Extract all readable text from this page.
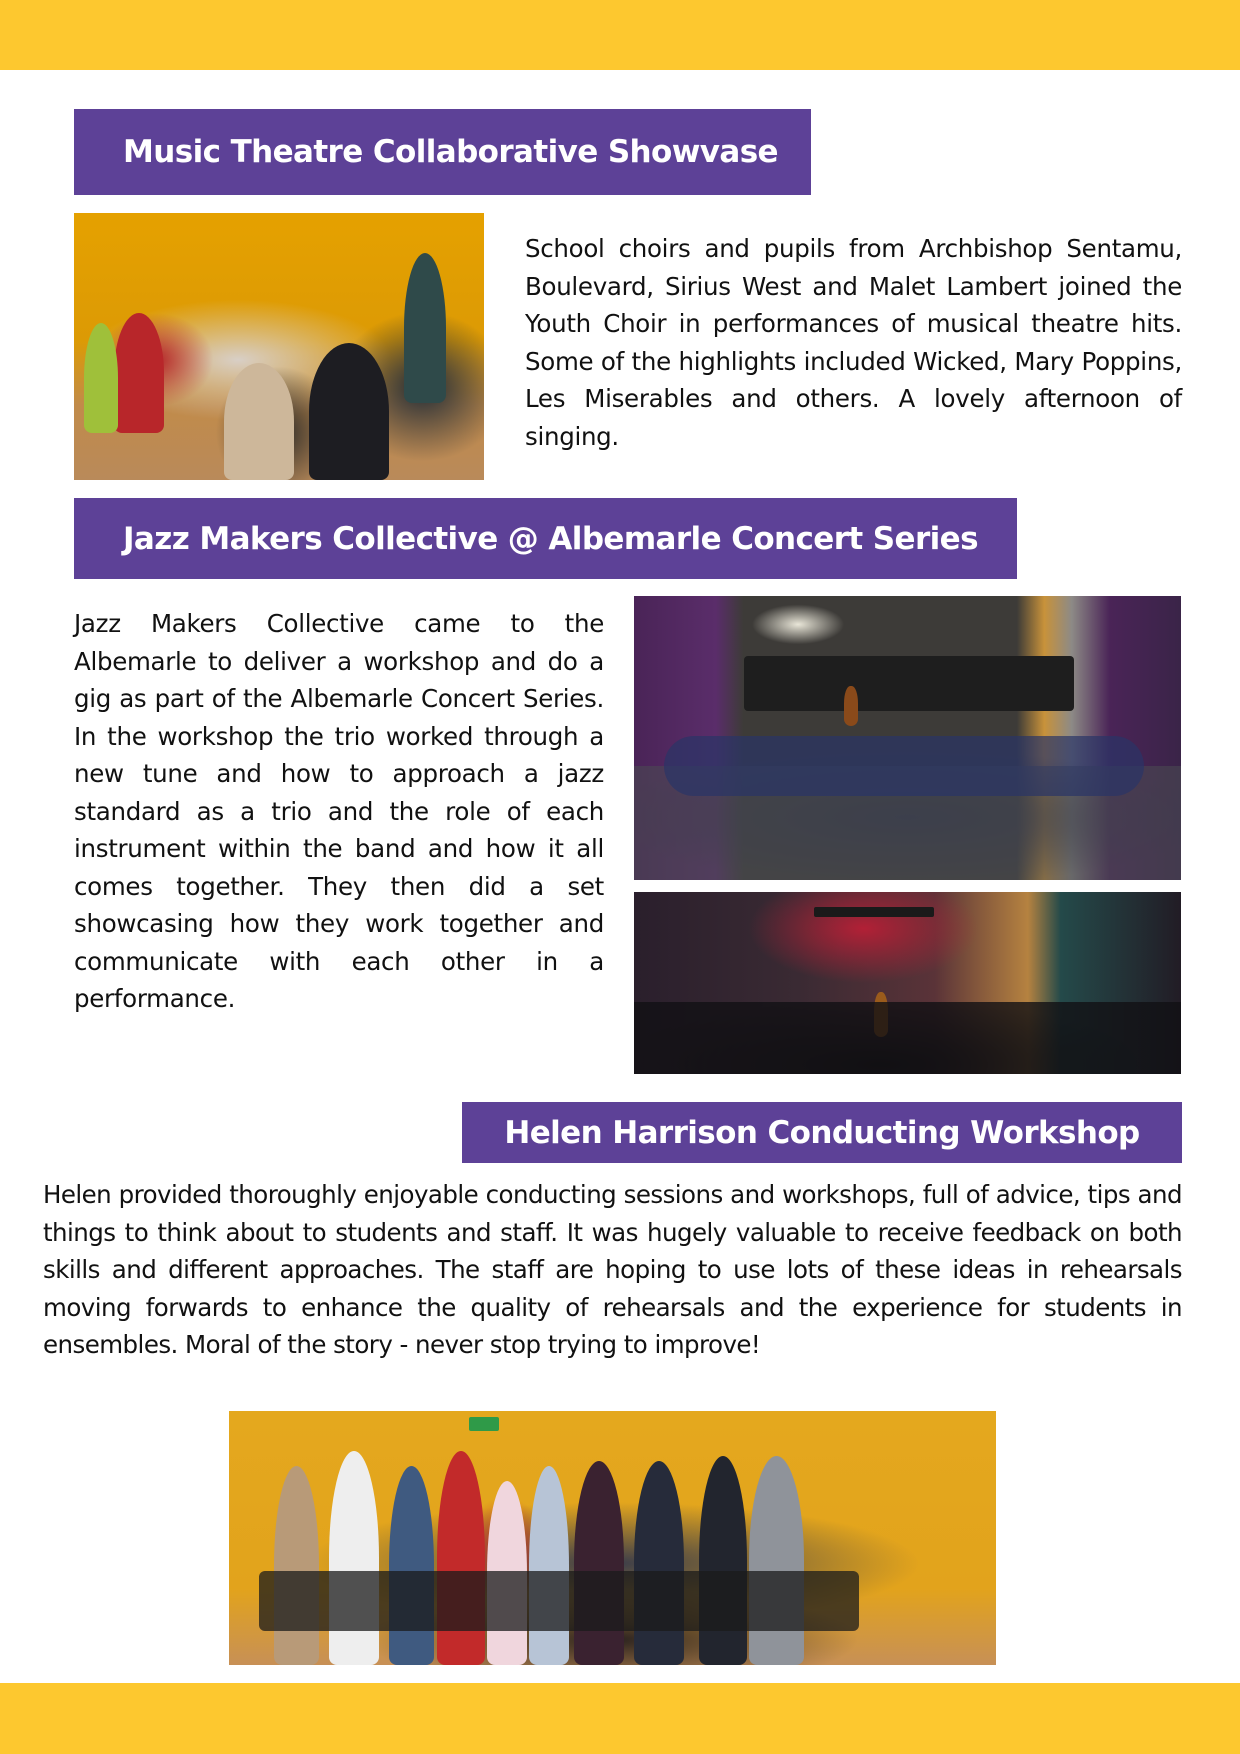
Music Theatre Collaborative Showvase

School choirs and pupils from Archbishop Sentamu, Boulevard, Sirius West and Malet Lambert joined the Youth Choir in performances of musical theatre hits. Some of the highlights included Wicked, Mary Poppins, Les Miserables and others. A lovely afternoon of singing.

Jazz Makers Collective @ Albemarle Concert Series

Jazz Makers Collective came to the Albemarle to deliver a workshop and do a gig as part of the Albemarle Concert Series. In the workshop the trio worked through a new tune and how to approach a jazz standard as a trio and the role of each instrument within the band and how it all comes together. They then did a set showcasing how they work together and communicate with each other in a performance.

Helen Harrison Conducting Workshop

Helen provided thoroughly enjoyable conducting sessions and workshops, full of advice, tips and things to think about to students and staff. It was hugely valuable to receive feedback on both skills and different approaches. The staff are hoping to use lots of these ideas in rehearsals moving forwards to enhance the quality of rehearsals and the experience for students in ensembles. Moral of the story - never stop trying to improve!
